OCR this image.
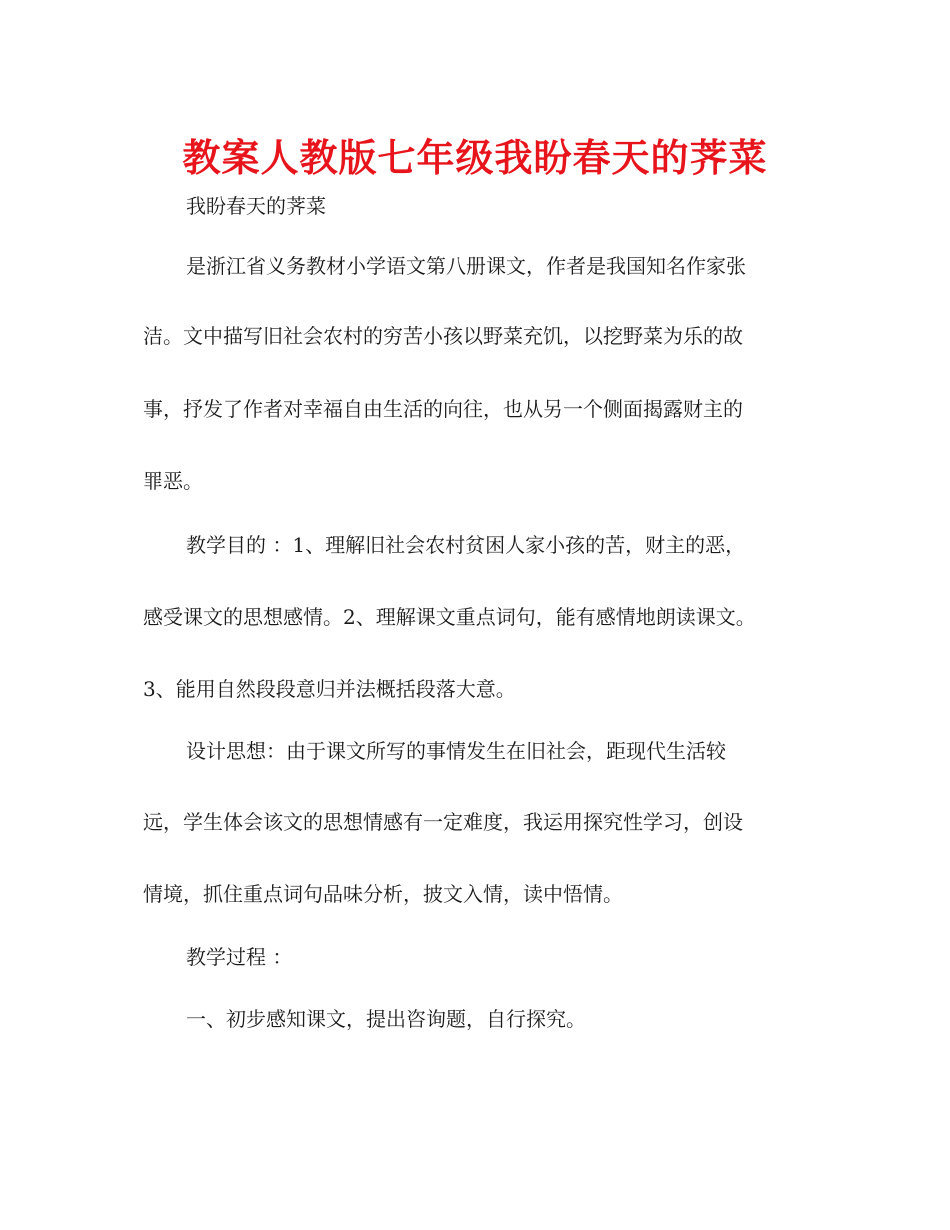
教案人教版七年级我盼春天的荠菜
我盼春天的荠菜
是浙江省义务教材小学语文第八册课文，作者是我国知名作家张
洁。文中描写旧社会农村的穷苦小孩以野菜充饥，以挖野菜为乐的故
事，抒发了作者对幸福自由生活的向往，也从另一个侧面揭露财主的
罪恶。
教学目的 ：1、理解旧社会农村贫困人家小孩的苦，财主的恶，
感受课文的思想感情。2、理解课文重点词句，能有感情地朗读课文。
3、能用自然段段意归并法概括段落大意。
设计思想：由于课文所写的事情发生在旧社会，距现代生活较
远，学生体会该文的思想情感有一定难度，我运用探究性学习，创设
情境，抓住重点词句品味分析，披文入情，读中悟情。
教学过程 ：
一、初步感知课文，提出咨询题，自行探究。
